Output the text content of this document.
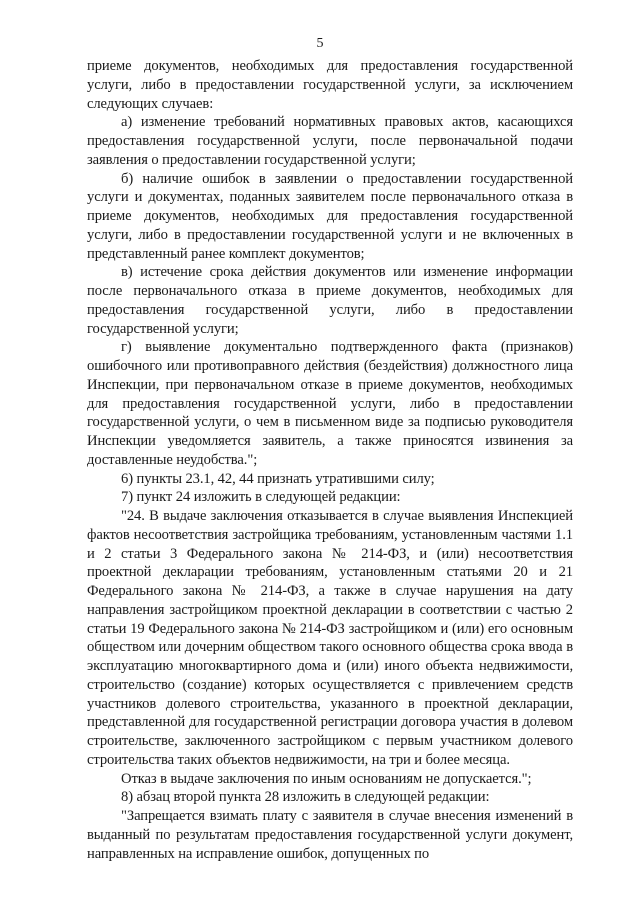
5

приеме документов, необходимых для предоставления государственной услуги, либо в предоставлении государственной услуги, за исключением следующих случаев:

а) изменение требований нормативных правовых актов, касающихся предоставления государственной услуги, после первоначальной подачи заявления о предоставлении государственной услуги;

б) наличие ошибок в заявлении о предоставлении государственной услуги и документах, поданных заявителем после первоначального отказа в приеме документов, необходимых для предоставления государственной услуги, либо в предоставлении государственной услуги и не включенных в представленный ранее комплект документов;

в) истечение срока действия документов или изменение информации после первоначального отказа в приеме документов, необходимых для предоставления государственной услуги, либо в предоставлении государственной услуги;

г) выявление документально подтвержденного факта (признаков) ошибочного или противоправного действия (бездействия) должностного лица Инспекции, при первоначальном отказе в приеме документов, необходимых для предоставления государственной услуги, либо в предоставлении государственной услуги, о чем в письменном виде за подписью руководителя Инспекции уведомляется заявитель, а также приносятся извинения за доставленные неудобства.";

6) пункты 23.1, 42, 44 признать утратившими силу;

7) пункт 24 изложить в следующей редакции:

"24. В выдаче заключения отказывается в случае выявления Инспекцией фактов несоответствия застройщика требованиям, установленным частями 1.1 и 2 статьи 3 Федерального закона № 214-ФЗ, и (или) несоответствия проектной декларации требованиям, установленным статьями 20 и 21 Федерального закона № 214-ФЗ, а также в случае нарушения на дату направления застройщиком проектной декларации в соответствии с частью 2 статьи 19 Федерального закона № 214-ФЗ застройщиком и (или) его основным обществом или дочерним обществом такого основного общества срока ввода в эксплуатацию многоквартирного дома и (или) иного объекта недвижимости, строительство (создание) которых осуществляется с привлечением средств участников долевого строительства, указанного в проектной декларации, представленной для государственной регистрации договора участия в долевом строительстве, заключенного застройщиком с первым участником долевого строительства таких объектов недвижимости, на три и более месяца.

Отказ в выдаче заключения по иным основаниям не допускается.";

8) абзац второй пункта 28 изложить в следующей редакции:

"Запрещается взимать плату с заявителя в случае внесения изменений в выданный по результатам предоставления государственной услуги документ, направленных на исправление ошибок, допущенных по
